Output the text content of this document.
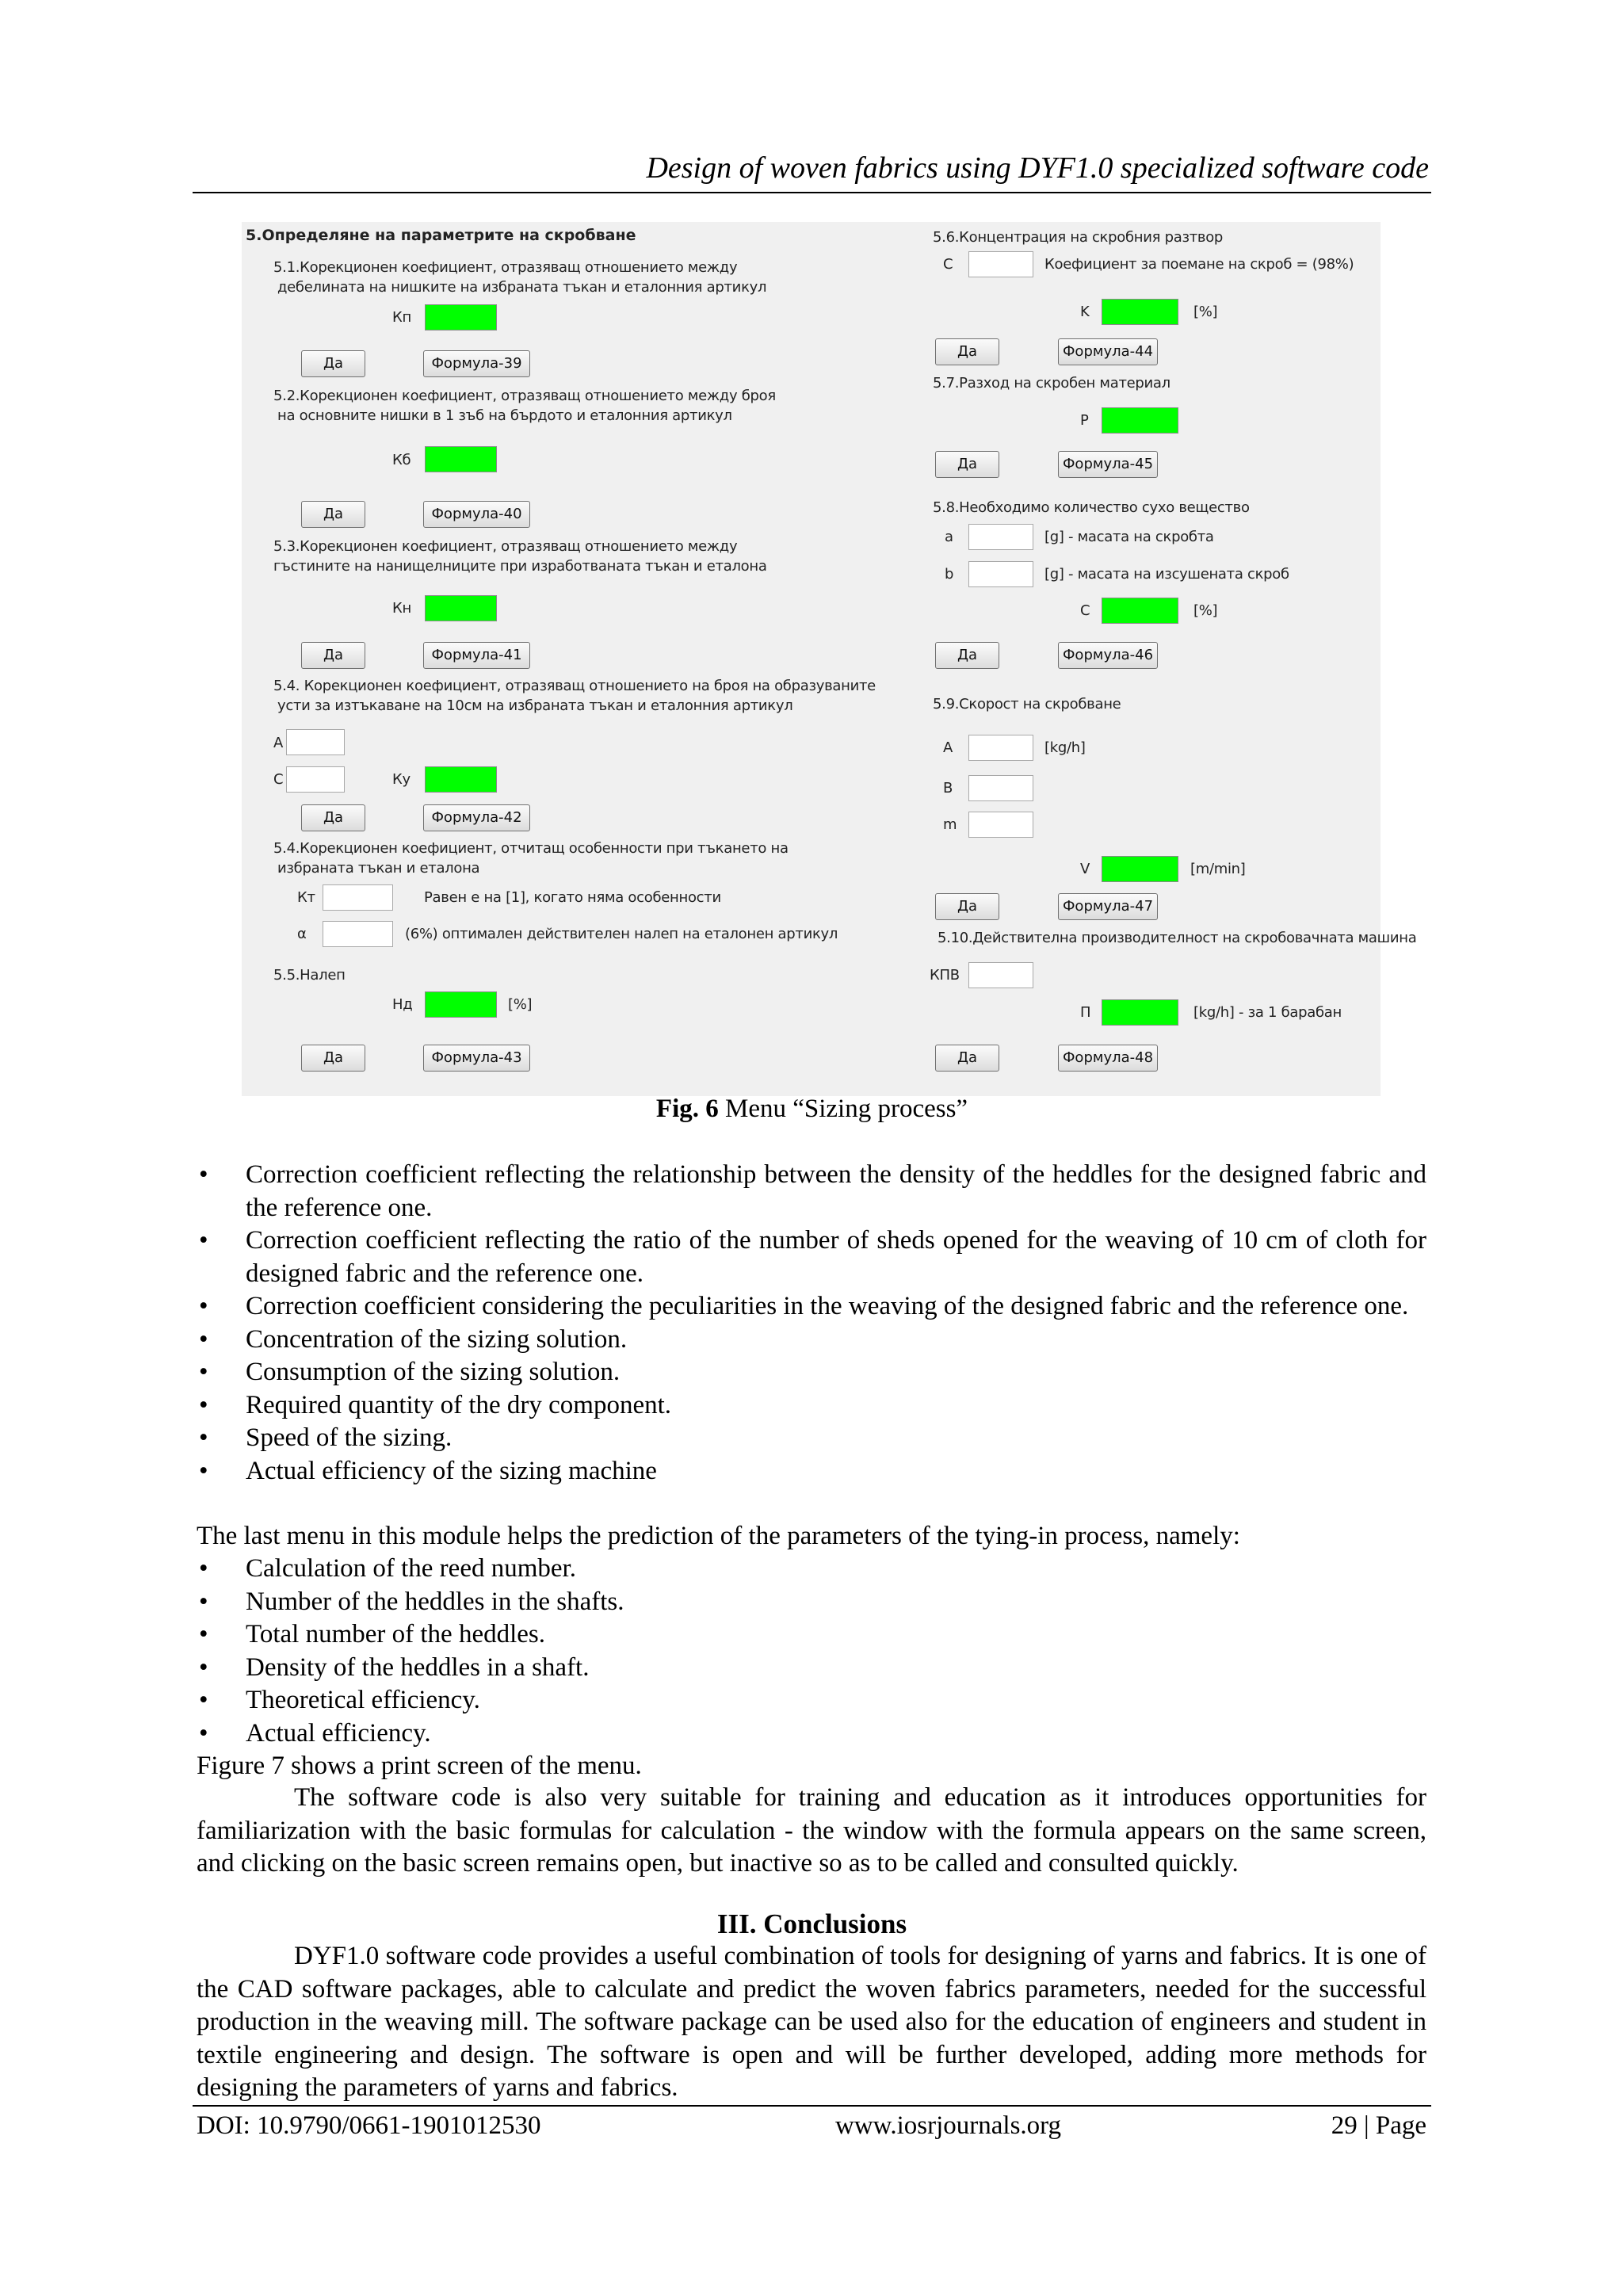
Design of woven fabrics using DYF1.0 specialized software code
5.Определяне на параметрите на скробване
5.1.Корекционен коефициент, отразяващ отношението между
дебелината на нишките на избраната тъкан и еталонния артикул
Кп
Да	Формула-39
5.2.Корекционен коефициент, отразяващ отношението между броя
на основните нишки в 1 зъб на бърдото и еталонния артикул
Кб
Да	Формула-40
5.3.Корекционен коефициент, отразяващ отношението между
гъстините на нанищелниците при изработваната тъкан и еталона
Кн
Да	Формула-41
5.4. Корекционен коефициент, отразяващ отношението на броя на образуваните
усти за изтъкаване на 10см на избраната тъкан и еталонния артикул
A
C	Ку
Да	Формула-42
5.4.Корекционен коефициент, отчитащ особенности при тъкането на
избраната тъкан и еталона
Кт	Равен е на [1], когато няма особенности
α	(6%) оптимален действителен налеп на еталонен артикул
5.5.Налеп
Нд	[%]
Да	Формула-43
5.6.Концентрация на скробния разтвор
C	Коефициент за поемане на скроб = (98%)
K	[%]
Да	Формула-44
5.7.Разход на скробен материал
P
Да	Формула-45
5.8.Необходимо количество сухо вещество
a	[g] - масата на скробта
b	[g] - масата на изсушената скроб
C	[%]
Да	Формула-46
5.9.Скорост на скробване
A	[kg/h]
B
m
V	[m/min]
Да	Формула-47
5.10.Действителна производителност на скробовачната машина
КПВ
П	[kg/h] - за 1 барабан
Да	Формула-48
Fig. 6 Menu “Sizing process”
• Correction coefficient reflecting the relationship between the density of the heddles for the designed fabric and the reference one.
• Correction coefficient reflecting the ratio of the number of sheds opened for the weaving of 10 cm of cloth for designed fabric and the reference one.
• Correction coefficient considering the peculiarities in the weaving of the designed fabric and the reference one.
• Concentration of the sizing solution.
• Consumption of the sizing solution.
• Required quantity of the dry component.
• Speed of the sizing.
• Actual efficiency of the sizing machine
The last menu in this module helps the prediction of the parameters of the tying-in process, namely:
• Calculation of the reed number.
• Number of the heddles in the shafts.
• Total number of the heddles.
• Density of the heddles in a shaft.
• Theoretical efficiency.
• Actual efficiency.
Figure 7 shows a print screen of the menu.
The software code is also very suitable for training and education as it introduces opportunities for familiarization with the basic formulas for calculation - the window with the formula appears on the same screen, and clicking on the basic screen remains open, but inactive so as to be called and consulted quickly.
III. Conclusions
DYF1.0 software code provides a useful combination of tools for designing of yarns and fabrics. It is one of the CAD software packages, able to calculate and predict the woven fabrics parameters, needed for the successful production in the weaving mill. The software package can be used also for the education of engineers and student in textile engineering and design. The software is open and will be further developed, adding more methods for designing the parameters of yarns and fabrics.
DOI: 10.9790/0661-1901012530	www.iosrjournals.org	29 | Page
